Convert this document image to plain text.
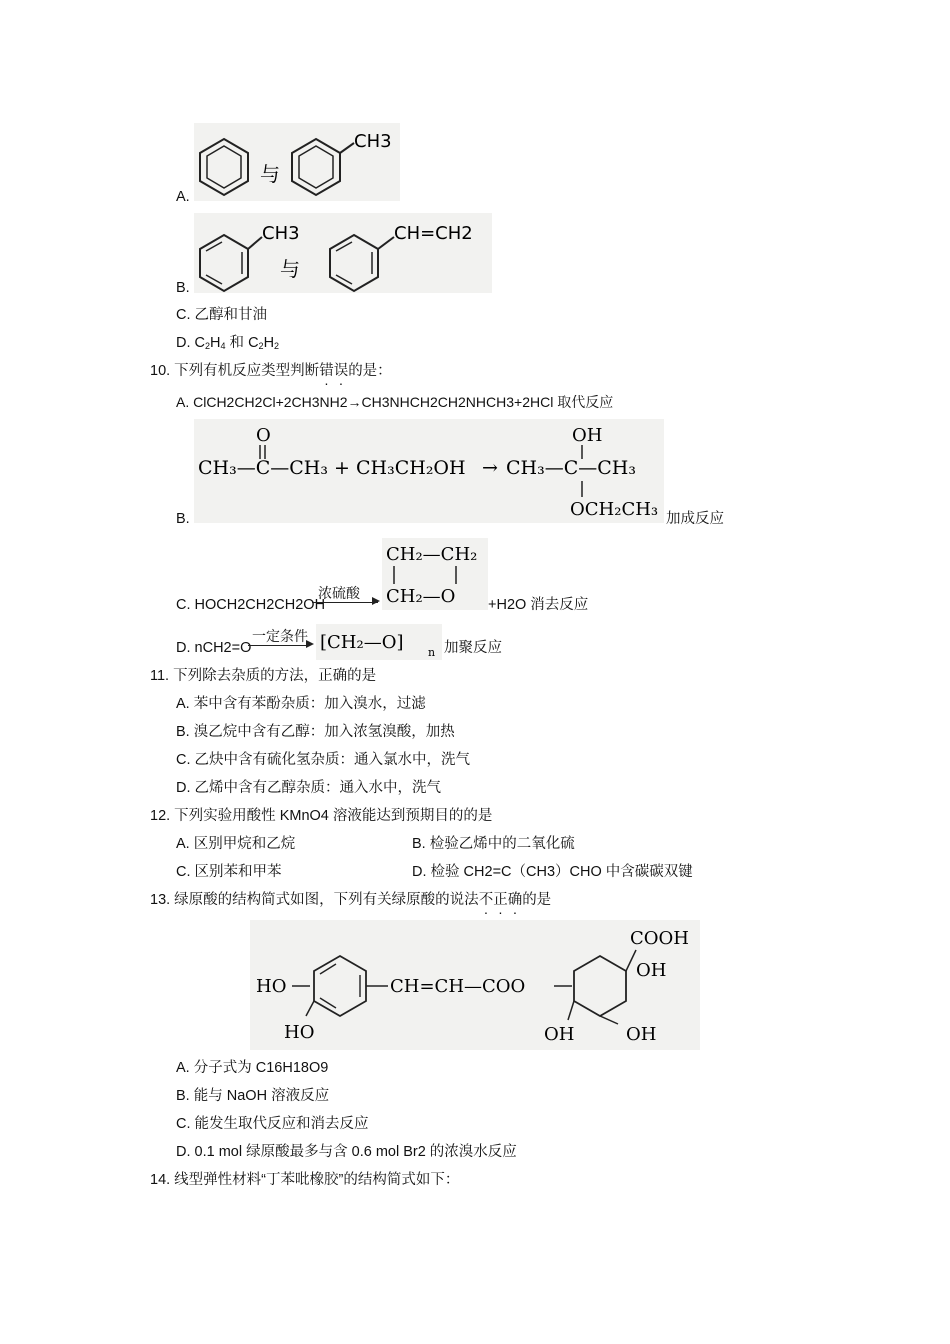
A.
与
CH3
B.
CH3
与
CH=CH2
C. 乙醇和甘油
D. $C_2H_4$ 和 $C_2H_2$
10. 下列有机反应类型判断错误的是：
A. ClCH2CH2Cl+2CH3NH2→CH3NHCH2CH2NHCH3+2HCl 取代反应
B.
O
CH₃—C—CH₃ + CH₃CH₂OH → CH₃—C—CH₃
OH
OCH₂CH₃ 加成反应
C. HOCH2CH2CH2OH
浓硫酸
CH₂—CH₂
CH₂—O +H2O 消去反应
D. nCH2=O
一定条件 [CH₂—O] n 加聚反应
11. 下列除去杂质的方法，正确的是
A. 苯中含有苯酚杂质：加入溴水，过滤
B. 溴乙烷中含有乙醇：加入浓氢溴酸，加热
C. 乙炔中含有硫化氢杂质：通入氯水中，洗气
D. 乙烯中含有乙醇杂质：通入水中，洗气
12. 下列实验用酸性 KMnO4 溶液能达到预期目的的是
A. 区别甲烷和乙烷	B. 检验乙烯中的二氧化硫
C. 区别苯和甲苯	D. 检验 CH2=C（CH3）CHO 中含碳碳双键
13. 绿原酸的结构简式如图，下列有关绿原酸的说法不正确的是
HO
HO
CH=CH—COO
COOH
OH
OH	OH
A. 分子式为 C16H18O9
B. 能与 NaOH 溶液反应
C. 能发生取代反应和消去反应
D. 0.1 mol 绿原酸最多与含 0.6 mol Br2 的浓溴水反应
14. 线型弹性材料“丁苯吡橡胶”的结构简式如下：
